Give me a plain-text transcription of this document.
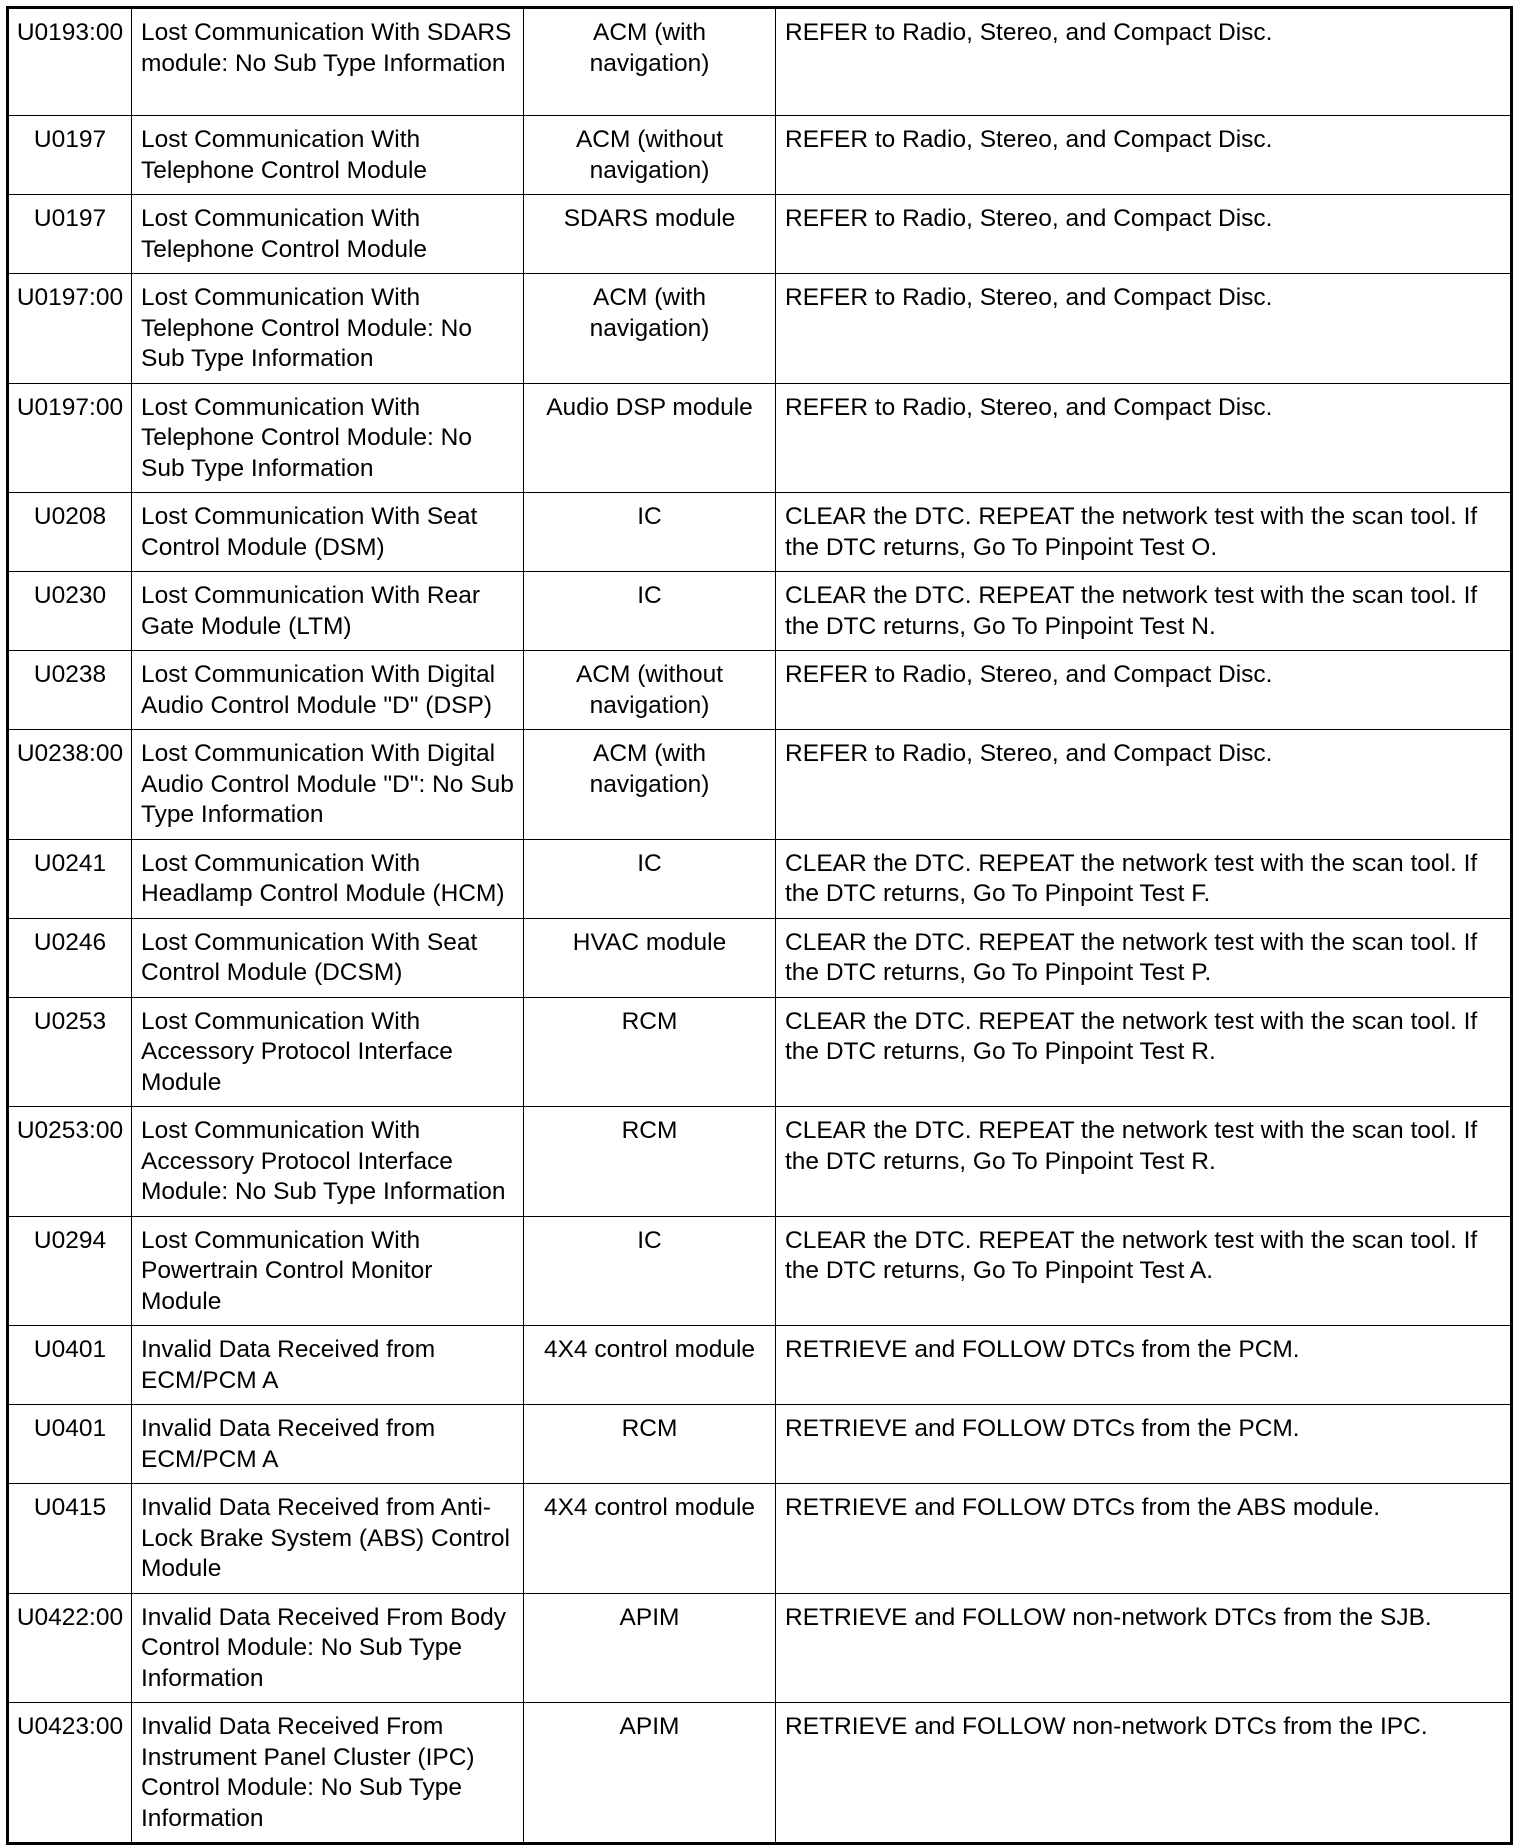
U0193:00	Lost Communication With SDARS module: No Sub Type Information	ACM (with navigation)	REFER to Radio, Stereo, and Compact Disc.
U0197	Lost Communication With Telephone Control Module	ACM (without navigation)	REFER to Radio, Stereo, and Compact Disc.
U0197	Lost Communication With Telephone Control Module	SDARS module	REFER to Radio, Stereo, and Compact Disc.
U0197:00	Lost Communication With Telephone Control Module: No Sub Type Information	ACM (with navigation)	REFER to Radio, Stereo, and Compact Disc.
U0197:00	Lost Communication With Telephone Control Module: No Sub Type Information	Audio DSP module	REFER to Radio, Stereo, and Compact Disc.
U0208	Lost Communication With Seat Control Module (DSM)	IC	CLEAR the DTC. REPEAT the network test with the scan tool. If the DTC returns, Go To Pinpoint Test O.
U0230	Lost Communication With Rear Gate Module (LTM)	IC	CLEAR the DTC. REPEAT the network test with the scan tool. If the DTC returns, Go To Pinpoint Test N.
U0238	Lost Communication With Digital Audio Control Module "D" (DSP)	ACM (without navigation)	REFER to Radio, Stereo, and Compact Disc.
U0238:00	Lost Communication With Digital Audio Control Module "D": No Sub Type Information	ACM (with navigation)	REFER to Radio, Stereo, and Compact Disc.
U0241	Lost Communication With Headlamp Control Module (HCM)	IC	CLEAR the DTC. REPEAT the network test with the scan tool. If the DTC returns, Go To Pinpoint Test F.
U0246	Lost Communication With Seat Control Module (DCSM)	HVAC module	CLEAR the DTC. REPEAT the network test with the scan tool. If the DTC returns, Go To Pinpoint Test P.
U0253	Lost Communication With Accessory Protocol Interface Module	RCM	CLEAR the DTC. REPEAT the network test with the scan tool. If the DTC returns, Go To Pinpoint Test R.
U0253:00	Lost Communication With Accessory Protocol Interface Module: No Sub Type Information	RCM	CLEAR the DTC. REPEAT the network test with the scan tool. If the DTC returns, Go To Pinpoint Test R.
U0294	Lost Communication With Powertrain Control Monitor Module	IC	CLEAR the DTC. REPEAT the network test with the scan tool. If the DTC returns, Go To Pinpoint Test A.
U0401	Invalid Data Received from ECM/PCM A	4X4 control module	RETRIEVE and FOLLOW DTCs from the PCM.
U0401	Invalid Data Received from ECM/PCM A	RCM	RETRIEVE and FOLLOW DTCs from the PCM.
U0415	Invalid Data Received from Anti-Lock Brake System (ABS) Control Module	4X4 control module	RETRIEVE and FOLLOW DTCs from the ABS module.
U0422:00	Invalid Data Received From Body Control Module: No Sub Type Information	APIM	RETRIEVE and FOLLOW non-network DTCs from the SJB.
U0423:00	Invalid Data Received From Instrument Panel Cluster (IPC) Control Module: No Sub Type Information	APIM	RETRIEVE and FOLLOW non-network DTCs from the IPC.
